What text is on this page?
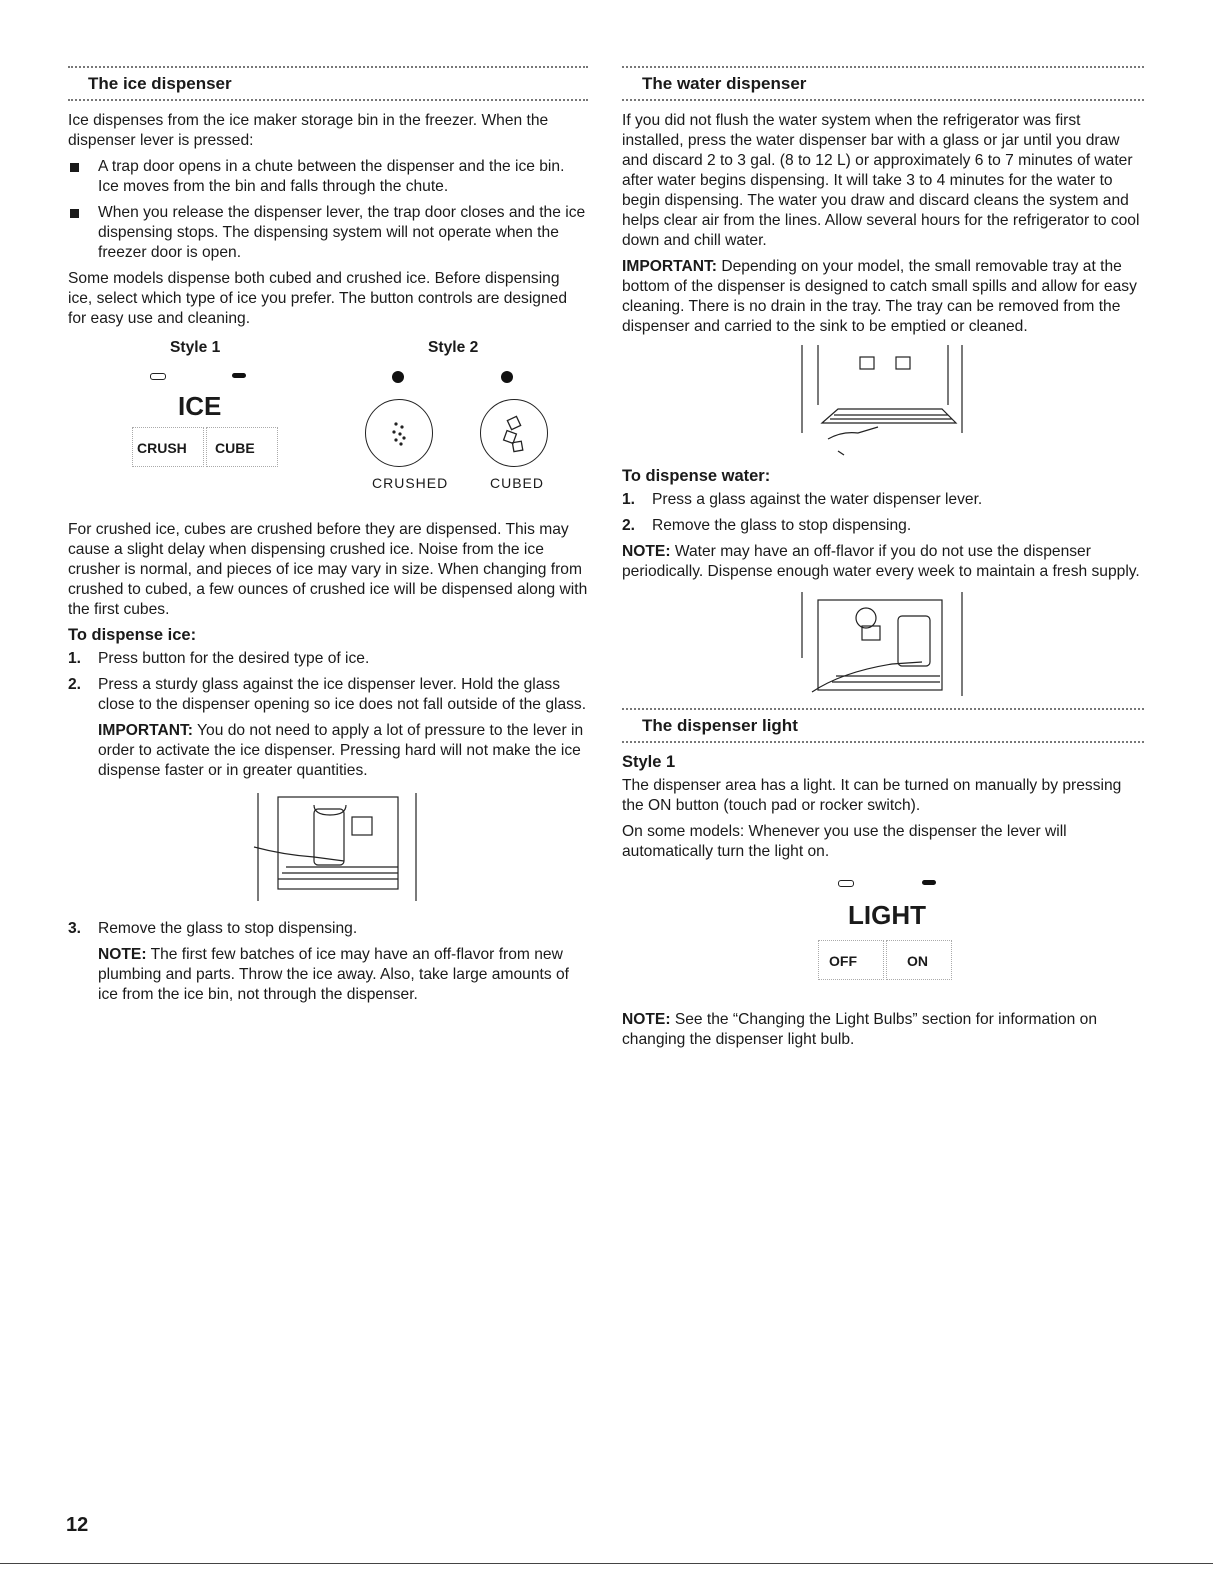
The ice dispenser

Ice dispenses from the ice maker storage bin in the freezer. When the dispenser lever is pressed:

A trap door opens in a chute between the dispenser and the ice bin. Ice moves from the bin and falls through the chute.
When you release the dispenser lever, the trap door closes and the ice dispensing stops. The dispensing system will not operate when the freezer door is open.

Some models dispense both cubed and crushed ice. Before dispensing ice, select which type of ice you prefer. The button controls are designed for easy use and cleaning.

Style 1	Style 2
ICE
CRUSH CUBE
CRUSHED	CUBED

For crushed ice, cubes are crushed before they are dispensed. This may cause a slight delay when dispensing crushed ice. Noise from the ice crusher is normal, and pieces of ice may vary in size. When changing from crushed to cubed, a few ounces of crushed ice will be dispensed along with the first cubes.

To dispense ice:
1. Press button for the desired type of ice.
2. Press a sturdy glass against the ice dispenser lever. Hold the glass close to the dispenser opening so ice does not fall outside of the glass.
IMPORTANT: You do not need to apply a lot of pressure to the lever in order to activate the ice dispenser. Pressing hard will not make the ice dispense faster or in greater quantities.
3. Remove the glass to stop dispensing.
NOTE: The first few batches of ice may have an off-flavor from new plumbing and parts. Throw the ice away. Also, take large amounts of ice from the ice bin, not through the dispenser.
The water dispenser

If you did not flush the water system when the refrigerator was first installed, press the water dispenser bar with a glass or jar until you draw and discard 2 to 3 gal. (8 to 12 L) or approximately 6 to 7 minutes of water after water begins dispensing. It will take 3 to 4 minutes for the water to begin dispensing. The water you draw and discard cleans the system and helps clear air from the lines. Allow several hours for the refrigerator to cool down and chill water.

IMPORTANT: Depending on your model, the small removable tray at the bottom of the dispenser is designed to catch small spills and allow for easy cleaning. There is no drain in the tray. The tray can be removed from the dispenser and carried to the sink to be emptied or cleaned.

To dispense water:
1. Press a glass against the water dispenser lever.
2. Remove the glass to stop dispensing.

NOTE: Water may have an off-flavor if you do not use the dispenser periodically. Dispense enough water every week to maintain a fresh supply.

The dispenser light
Style 1

The dispenser area has a light. It can be turned on manually by pressing the ON button (touch pad or rocker switch).

On some models: Whenever you use the dispenser the lever will automatically turn the light on.

LIGHT
OFF	ON

NOTE: See the “Changing the Light Bulbs” section for information on changing the dispenser light bulb.

12
